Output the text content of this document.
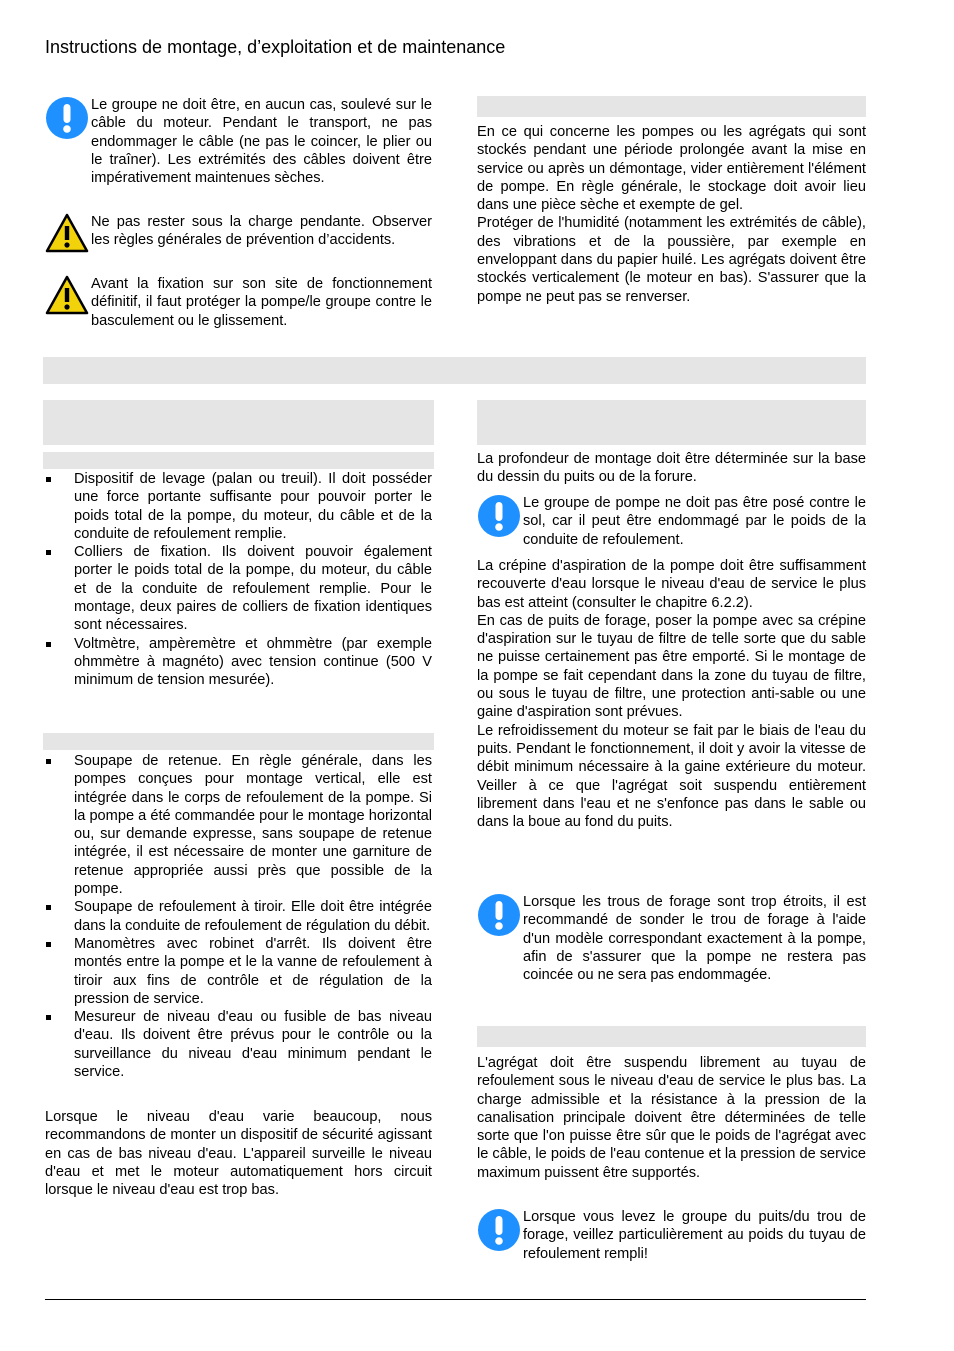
Instructions de montage, d’exploitation et de maintenance

Le groupe ne doit être, en aucun cas, soulevé sur le câble du moteur. Pendant le transport, ne pas endommager le câble (ne pas le coincer, le plier ou le traîner). Les extrémités des câbles doivent être impérativement maintenues sèches.

Ne pas rester sous la charge pendante. Observer les règles générales de prévention d’accidents.

Avant la fixation sur son site de fonctionnement définitif, il faut protéger la pompe/le groupe contre le basculement ou le glissement.

En ce qui concerne les pompes ou les agrégats qui sont stockés pendant une période prolongée avant la mise en service ou après un démontage, vider entièrement l'élément de pompe. En règle générale, le stockage doit avoir lieu dans une pièce sèche et exempte de gel.
Protéger de l'humidité (notamment les extrémités de câble), des vibrations et de la poussière, par exemple en enveloppant dans du papier huilé. Les agrégats doivent être stockés verticalement (le moteur en bas). S'assurer que la pompe ne peut pas se renverser.

Dispositif de levage (palan ou treuil). Il doit posséder une force portante suffisante pour pouvoir porter le poids total de la pompe, du moteur, du câble et de la conduite de refoulement remplie.
Colliers de fixation. Ils doivent pouvoir également porter le poids total de la pompe, du moteur, du câble et de la conduite de refoulement remplie. Pour le montage, deux paires de colliers de fixation identiques sont nécessaires.
Voltmètre, ampèremètre et ohmmètre (par exemple ohmmètre à magnéto) avec tension continue (500 V minimum de tension mesurée).
Soupape de retenue. En règle générale, dans les pompes conçues pour montage vertical, elle est intégrée dans le corps de refoulement de la pompe. Si la pompe a été commandée pour le montage horizontal ou, sur demande expresse, sans soupape de retenue intégrée, il est nécessaire de monter une garniture de retenue appropriée aussi près que possible de la pompe.
Soupape de refoulement à tiroir. Elle doit être intégrée dans la conduite de refoulement de régulation du débit.
Manomètres avec robinet d'arrêt. Ils doivent être montés entre la pompe et le la vanne de refoulement à tiroir aux fins de contrôle et de régulation de la pression de service.
Mesureur de niveau d'eau ou fusible de bas niveau d'eau. Ils doivent être prévus pour le contrôle ou la surveillance du niveau d'eau minimum pendant le service.

Lorsque le niveau d'eau varie beaucoup, nous recommandons de monter un dispositif de sécurité agissant en cas de bas niveau d'eau. L'appareil surveille le niveau d'eau et met le moteur automatiquement hors circuit lorsque le niveau d'eau est trop bas.

La profondeur de montage doit être déterminée sur la base du dessin du puits ou de la forure.

Le groupe de pompe ne doit pas être posé contre le sol, car il peut être endommagé par le poids de la conduite de refoulement.

La crépine d'aspiration de la pompe doit être suffisamment recouverte d'eau lorsque le niveau d'eau de service le plus bas est atteint (consulter le chapitre 6.2.2).
En cas de puits de forage, poser la pompe avec sa crépine d'aspiration sur le tuyau de filtre de telle sorte que du sable ne puisse certainement pas être emporté. Si le montage de la pompe se fait cependant dans la zone du tuyau de filtre, ou sous le tuyau de filtre, une protection anti-sable ou une gaine d'aspiration sont prévues.
Le refroidissement du moteur se fait par le biais de l'eau du puits. Pendant le fonctionnement, il doit y avoir la vitesse de débit minimum nécessaire à la gaine extérieure du moteur. Veiller à ce que l'agrégat soit suspendu entièrement librement dans l'eau et ne s'enfonce pas dans le sable ou dans la boue au fond du puits.

Lorsque les trous de forage sont trop étroits, il est recommandé de sonder le trou de forage à l'aide d'un modèle correspondant exactement à la pompe, afin de s'assurer que la pompe ne restera pas coincée ou ne sera pas endommagée.

L'agrégat doit être suspendu librement au tuyau de refoulement sous le niveau d'eau de service le plus bas. La charge admissible et la résistance à la pression de la canalisation principale doivent être déterminées de telle sorte que l'on puisse être sûr que le poids de l'agrégat avec le câble, le poids de l'eau contenue et la pression de service maximum puissent être supportés.

Lorsque vous levez le groupe du puits/du trou de forage, veillez particulièrement au poids du tuyau de refoulement rempli!
